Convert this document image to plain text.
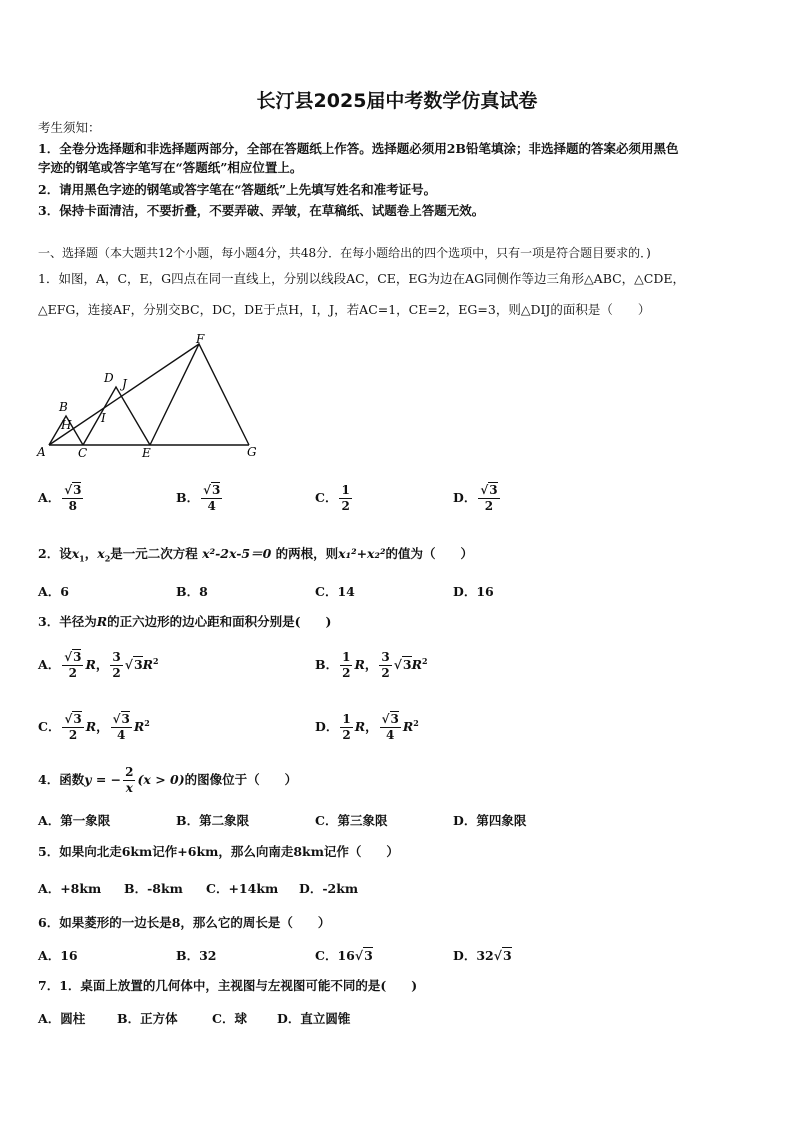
长汀县2025届中考数学仿真试卷
考生须知：
1．全卷分选择题和非选择题两部分，全部在答题纸上作答。选择题必须用2B铅笔填涂；非选择题的答案必须用黑色
字迹的钢笔或答字笔写在“答题纸”相应位置上。
2．请用黑色字迹的钢笔或答字笔在“答题纸”上先填写姓名和准考证号。
3．保持卡面清洁，不要折叠，不要弄破、弄皱，在草稿纸、试题卷上答题无效。
一、选择题（本大题共12个小题，每小题4分，共48分．在每小题给出的四个选项中，只有一项是符合题目要求的．)
1．如图，A，C，E，G四点在同一直线上，分别以线段AC，CE，EG为边在AG同侧作等边三角形△ABC，△CDE，
△EFG，连接AF，分别交BC，DC，DE于点H，I，J，若AC=1，CE=2，EG=3，则△DIJ的面积是（　　）
A
B
C
D
E
F
G
H I
J
A． $\frac{√3}{8}$	B． $\frac{√3}{4}$	C． $\frac{1}{2}$	D． $\frac{√3}{2}$
2．设$x_1$，$x_2$是一元二次方程 x²-2x-5＝0 的两根，则x₁²+x₂²的值为（　　）
A．6	B．8	C．14	D．16
3．半径为R的正六边形的边心距和面积分别是(　　)
A． $\frac{√3}{2}$ R， $\frac{3}{2} √3R^2$	B． $\frac{1}{2}$ R， $\frac{3}{2} √3R^2$
C． $\frac{√3}{2}$ R， $\frac{√3}{4} R^2$	D． $\frac{1}{2}$ R， $\frac{√3}{4} R^2$
4．函数y = − $\frac{2}{x} (x > 0)$的图像位于（　　）
A．第一象限	B．第二象限	C．第三象限	D．第四象限
5．如果向北走6km记作+6km，那么向南走8km记作（　　）
A．+8km B．-8km C．+14km D．-2km
6．如果菱形的一边长是8，那么它的周长是（　　）
A．16	B．32	C．16√3	D．32√3
7．1．桌面上放置的几何体中，主视图与左视图可能不同的是(　　)
A．圆柱	B．正方体	C．球 D．直立圆锥
